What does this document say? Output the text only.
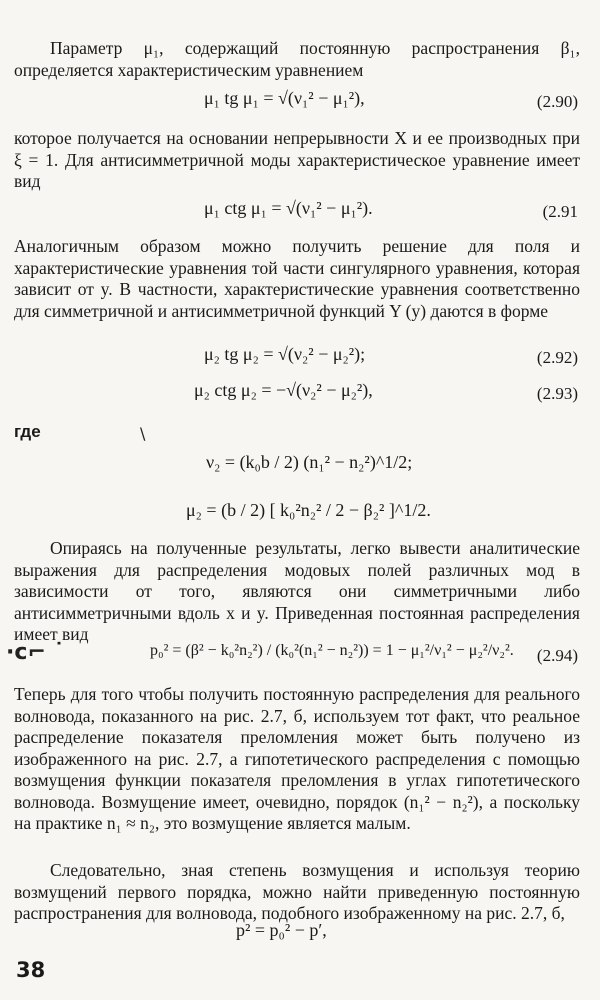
Параметр μ₁, содержащий постоянную распространения β₁, определяется характеристическим уравнением

μ₁ tg μ₁ = √(ν₁² − μ₁²),	(2.90)

которое получается на основании непрерывности X и ее производных при ξ = 1. Для антисимметричной моды характеристическое уравнение имеет вид

μ₁ ctg μ₁ = √(ν₁² − μ₁²).	(2.91

Аналогичным образом можно получить решение для поля и характеристические уравнения той части сингулярного уравнения, которая зависит от y. В частности, характеристические уравнения соответственно для симметричной и антисимметричной функций Y (y) даются в форме

μ₂ tg μ₂ = √(ν₂² − μ₂²);	(2.92)
μ₂ ctg μ₂ = −√(ν₂² − μ₂²),	(2.93)
где	\
ν₂ = (k₀b / 2) (n₁² − n₂²)^1/2;
μ₂ = (b / 2) [ k₀²n₂² / 2 − β₂² ]^1/2.

Опираясь на полученные результаты, легко вывести аналитические выражения для распределения модовых полей различных мод в зависимости от того, являются они симметричными либо антисимметричными вдоль x и y. Приведенная постоянная распределения имеет вид

p₀² = (β² − k₀²n₂²) / (k₀²(n₁² − n₂²)) = 1 − μ₁²/ν₁² − μ₂²/ν₂². (2.94)
·c⌐ ˙

Теперь для того чтобы получить постоянную распределения для реального волновода, показанного на рис. 2.7, б, используем тот факт, что реальное распределение показателя преломления может быть получено из изображенного на рис. 2.7, а гипотетического распределения с помощью возмущения функции показателя преломления в углах гипотетического волновода. Возмущение имеет, очевидно, порядок (n₁² − n₂²), а поскольку на практике n₁ ≈ n₂, это возмущение является малым.

Следовательно, зная степень возмущения и используя теорию возмущений первого порядка, можно найти приведенную постоянную распространения для волновода, подобного изображенному на рис. 2.7, б,

p² = p₀² − p′,
38
